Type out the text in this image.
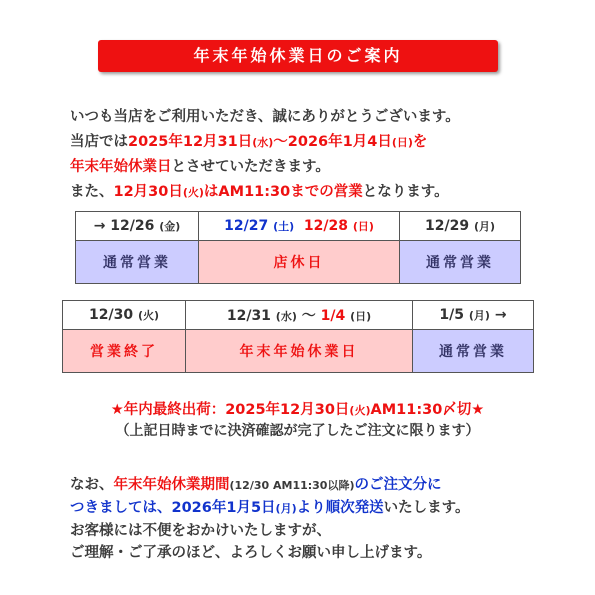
年末年始休業日のご案内
いつも当店をご利用いただき、誠にありがとうございます。
当店では2025年12月31日(水)～2026年1月4日(日)を
年末年始休業日とさせていただきます。
また、12月30日(火)はAM11:30までの営業となります。
→ 12/26 (金)	12/27 (土) 12/28 (日)	12/29 (月)
通常営業	店休日	通常営業
12/30 (火)	12/31 (水) ～ 1/4 (日)	1/5 (月) →
営業終了	年末年始休業日	通常営業
★年内最終出荷：2025年12月30日(火)AM11:30〆切★
（上記日時までに決済確認が完了したご注文に限ります）
なお、年末年始休業期間(12/30 AM11:30以降)のご注文分に
つきましては、2026年1月5日(月)より順次発送いたします。
お客様には不便をおかけいたしますが、
ご理解・ご了承のほど、よろしくお願い申し上げます。
